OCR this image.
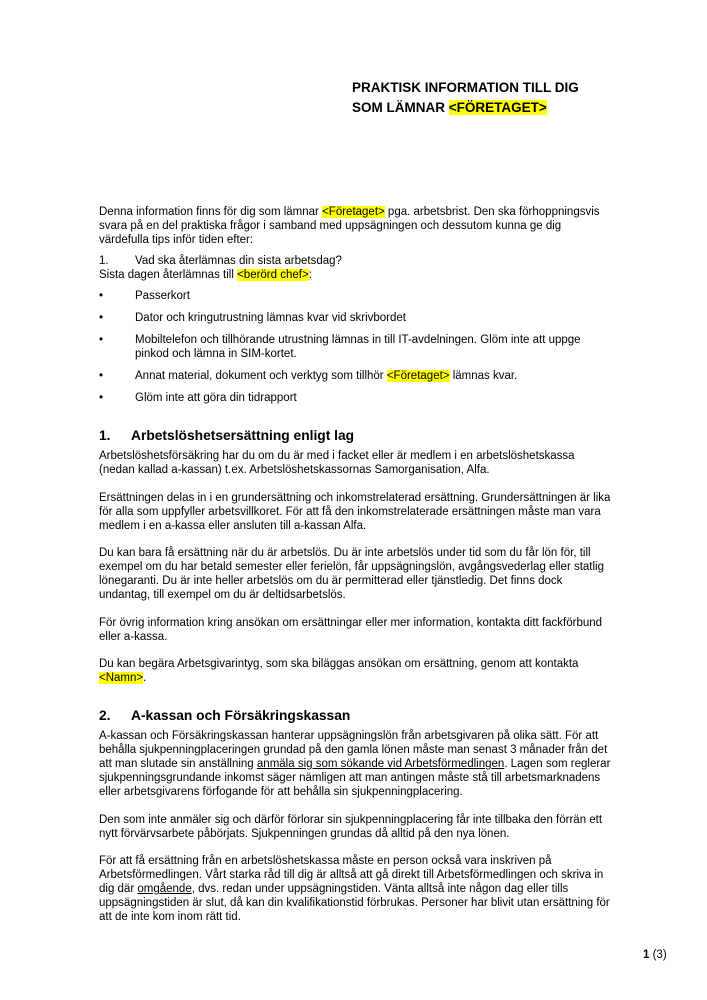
PRAKTISK INFORMATION TILL DIG
SOM LÄMNAR <FÖRETAGET>

Denna information finns för dig som lämnar <Företaget> pga. arbetsbrist. Den ska förhoppningsvis svara på en del praktiska frågor i samband med uppsägningen och dessutom kunna ge dig värdefulla tips inför tiden efter:

1.	Vad ska återlämnas din sista arbetsdag?

Sista dagen återlämnas till <berörd chef>:

•	Passerkort
•	Dator och kringutrustning lämnas kvar vid skrivbordet
•	Mobiltelefon och tillhörande utrustning lämnas in till IT-avdelningen. Glöm inte att uppge pinkod och lämna in SIM-kortet.
•	Annat material, dokument och verktyg som tillhör <Företaget> lämnas kvar.
•	Glöm inte att göra din tidrapport
1.	Arbetslöshetsersättning enligt lag

Arbetslöshetsförsäkring har du om du är med i facket eller är medlem i en arbetslöshetskassa (nedan kallad a-kassan) t.ex. Arbetslöshetskassornas Samorganisation, Alfa.

Ersättningen delas in i en grundersättning och inkomstrelaterad ersättning. Grundersättningen är lika för alla som uppfyller arbetsvillkoret. För att få den inkomstrelaterade ersättningen måste man vara medlem i en a-kassa eller ansluten till a-kassan Alfa.

Du kan bara få ersättning när du är arbetslös. Du är inte arbetslös under tid som du får lön för, till exempel om du har betald semester eller ferielön, får uppsägningslön, avgångsvederlag eller statlig lönegaranti. Du är inte heller arbetslös om du är permitterad eller tjänstledig. Det finns dock undantag, till exempel om du är deltidsarbetslös.

För övrig information kring ansökan om ersättningar eller mer information, kontakta ditt fackförbund eller a-kassa.

Du kan begära Arbetsgivarintyg, som ska biläggas ansökan om ersättning, genom att kontakta <Namn>.

2.	A-kassan och Försäkringskassan

A-kassan och Försäkringskassan hanterar uppsägningslön från arbetsgivaren på olika sätt. För att behålla sjukpenningplaceringen grundad på den gamla lönen måste man senast 3 månader från det att man slutade sin anställning anmäla sig som sökande vid Arbetsförmedlingen. Lagen som reglerar sjukpenningsgrundande inkomst säger nämligen att man antingen måste stå till arbetsmarknadens eller arbetsgivarens förfogande för att behålla sin sjukpenningplacering.

Den som inte anmäler sig och därför förlorar sin sjukpenningplacering får inte tillbaka den förrän ett nytt förvärvsarbete påbörjats. Sjukpenningen grundas då alltid på den nya lönen.

För att få ersättning från en arbetslöshetskassa måste en person också vara inskriven på Arbetsförmedlingen. Vårt starka råd till dig är alltså att gå direkt till Arbetsförmedlingen och skriva in dig där omgående, dvs. redan under uppsägningstiden. Vänta alltså inte någon dag eller tills uppsägningstiden är slut, då kan din kvalifikationstid förbrukas. Personer har blivit utan ersättning för att de inte kom inom rätt tid.

1 (3)
